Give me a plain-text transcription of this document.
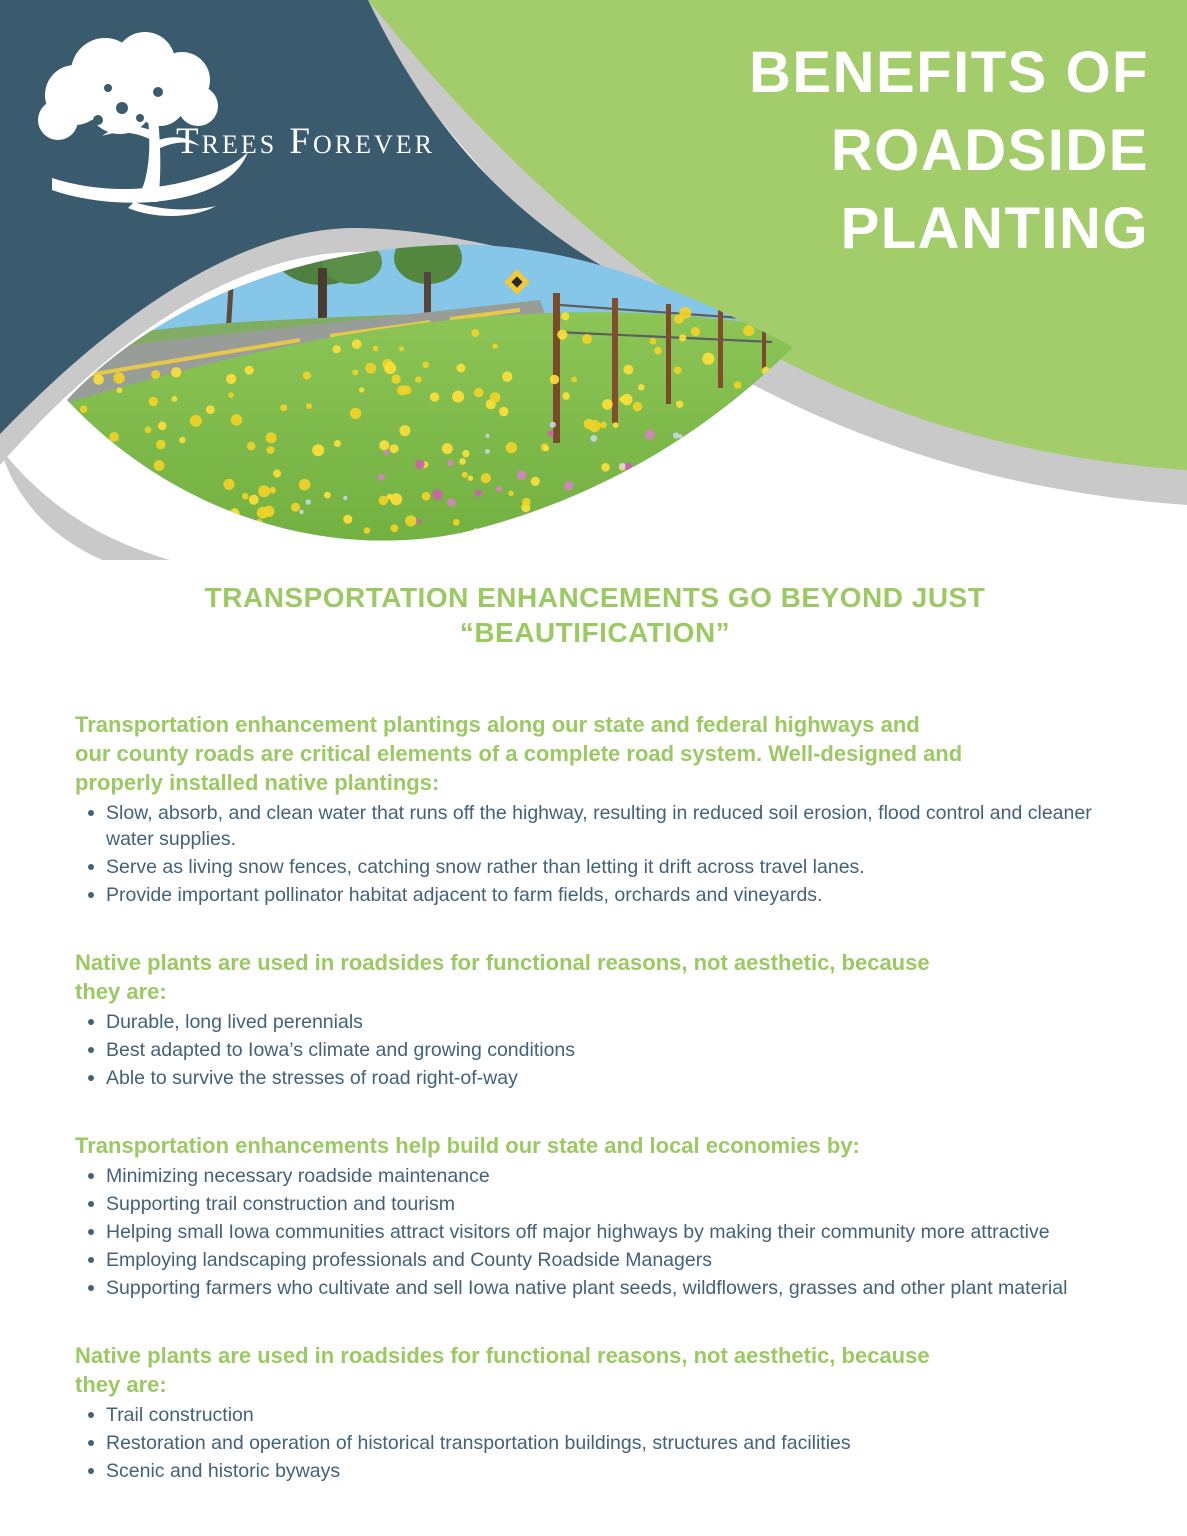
Trees Forever
BENEFITS OF
ROADSIDE
PLANTING
TRANSPORTATION ENHANCEMENTS GO BEYOND JUST
“BEAUTIFICATION”
Transportation enhancement plantings along our state and federal highways and
our county roads are critical elements of a complete road system. Well-designed and
properly installed native plantings:
Slow, absorb, and clean water that runs off the highway, resulting in reduced soil erosion, flood control and cleaner water supplies.
Serve as living snow fences, catching snow rather than letting it drift across travel lanes.
Provide important pollinator habitat adjacent to farm fields, orchards and vineyards.
Native plants are used in roadsides for functional reasons, not aesthetic, because
they are:
Durable, long lived perennials
Best adapted to Iowa’s climate and growing conditions
Able to survive the stresses of road right-of-way
Transportation enhancements help build our state and local economies by:
Minimizing necessary roadside maintenance
Supporting trail construction and tourism
Helping small Iowa communities attract visitors off major highways by making their community more attractive
Employing landscaping professionals and County Roadside Managers
Supporting farmers who cultivate and sell Iowa native plant seeds, wildflowers, grasses and other plant material
Native plants are used in roadsides for functional reasons, not aesthetic, because
they are:
Trail construction
Restoration and operation of historical transportation buildings, structures and facilities
Scenic and historic byways
